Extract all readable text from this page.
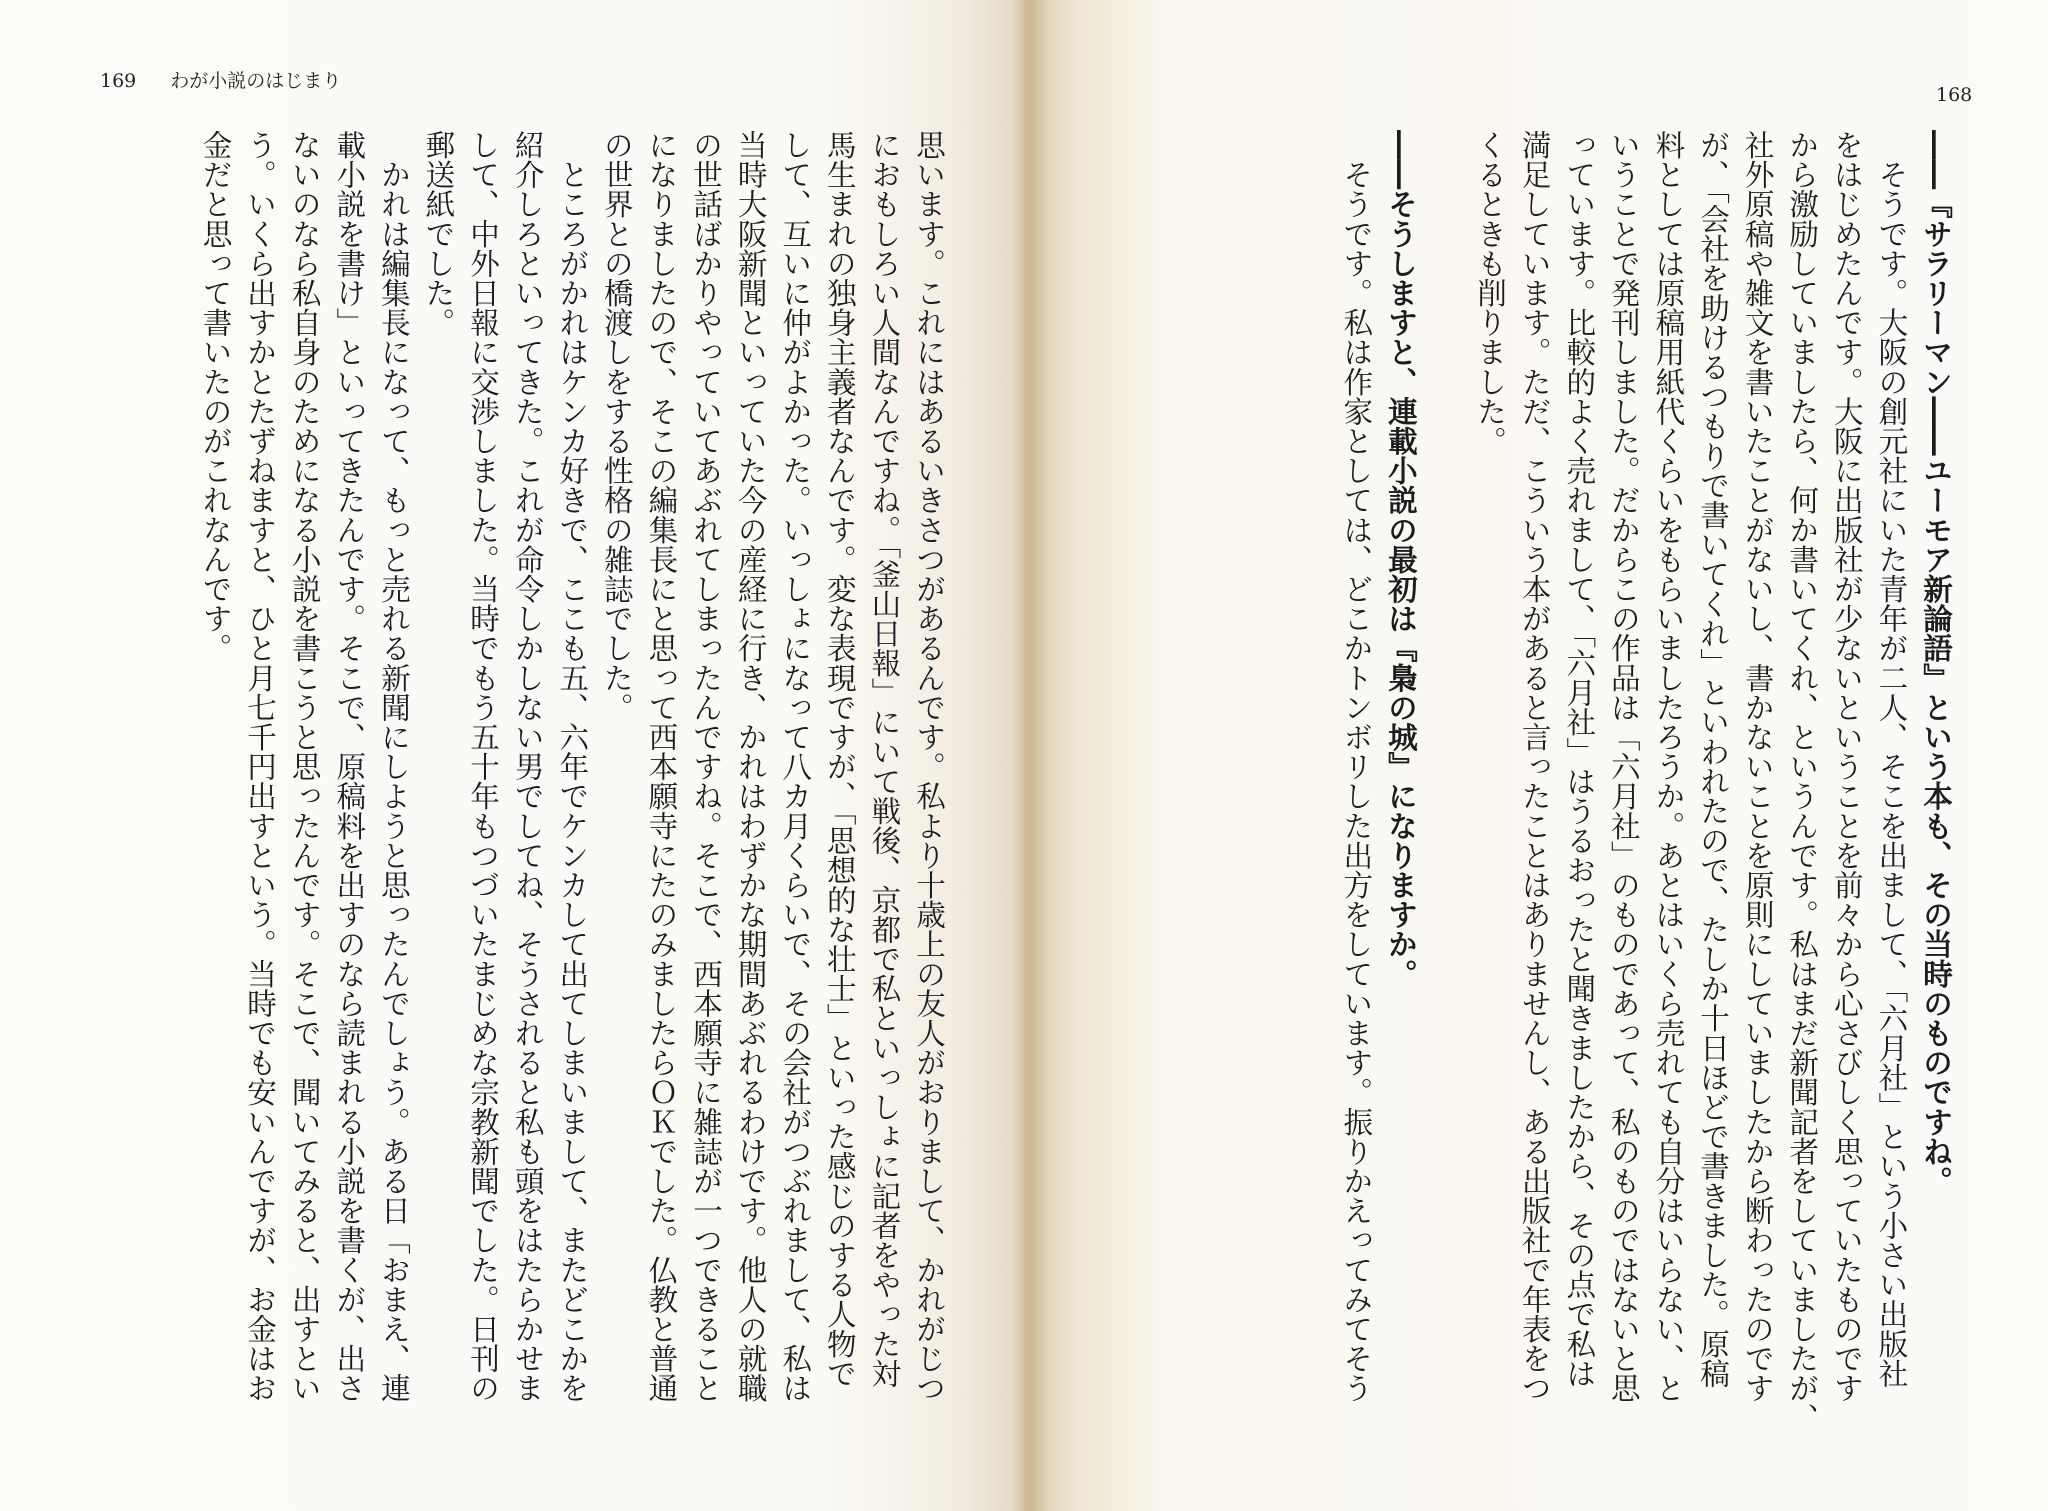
169 わが小説のはじまり
思います。これにはあるいきさつがあるんです。私より十歳上の友人がおりまして、かれがじつ
におもしろい人間なんですね。「釜山日報」にいて戦後、京都で私といっしょに記者をやった対
馬生まれの独身主義者なんです。変な表現ですが、「思想的な壮士」といった感じのする人物で
して、互いに仲がよかった。いっしょになって八カ月くらいで、その会社がつぶれまして、私は
当時大阪新聞といっていた今の産経に行き、かれはわずかな期間あぶれるわけです。他人の就職
の世話ばかりやっていてあぶれてしまったんですね。そこで、西本願寺に雑誌が一つできること
になりましたので、そこの編集長にと思って西本願寺にたのみましたらＯＫでした。仏教と普通
の世界との橋渡しをする性格の雑誌でした。
　ところがかれはケンカ好きで、ここも五、六年でケンカして出てしまいまして、またどこかを
紹介しろといってきた。これが命令しかしない男でしてね、そうされると私も頭をはたらかせま
して、中外日報に交渉しました。当時でもう五十年もつづいたまじめな宗教新聞でした。日刊の
郵送紙でした。
　かれは編集長になって、もっと売れる新聞にしようと思ったんでしょう。ある日「おまえ、連
載小説を書け」といってきたんです。そこで、原稿料を出すのなら読まれる小説を書くが、出さ
ないのなら私自身のためになる小説を書こうと思ったんです。そこで、聞いてみると、出すとい
う。いくら出すかとたずねますと、ひと月七千円出すという。当時でも安いんですが、お金はお
金だと思って書いたのがこれなんです。
168
――『サラリーマン――ユーモア新論語』という本も、その当時のものですね。
　そうです。大阪の創元社にいた青年が二人、そこを出まして、「六月社」という小さい出版社
をはじめたんです。大阪に出版社が少ないということを前々から心さびしく思っていたものです
から激励していましたら、何か書いてくれ、というんです。私はまだ新聞記者をしていましたが、
社外原稿や雑文を書いたことがないし、書かないことを原則にしていましたから断わったのです
が、「会社を助けるつもりで書いてくれ」といわれたので、たしか十日ほどで書きました。原稿
料としては原稿用紙代くらいをもらいましたろうか。あとはいくら売れても自分はいらない、と
いうことで発刊しました。だからこの作品は「六月社」のものであって、私のものではないと思
っています。比較的よく売れまして、「六月社」はうるおったと聞きましたから、その点で私は
満足しています。ただ、こういう本があると言ったことはありませんし、ある出版社で年表をつ
くるときも削りました。
――そうしますと、連載小説の最初は『梟の城』になりますか。
　そうです。私は作家としては、どこかトンボリした出方をしています。振りかえってみてそう
